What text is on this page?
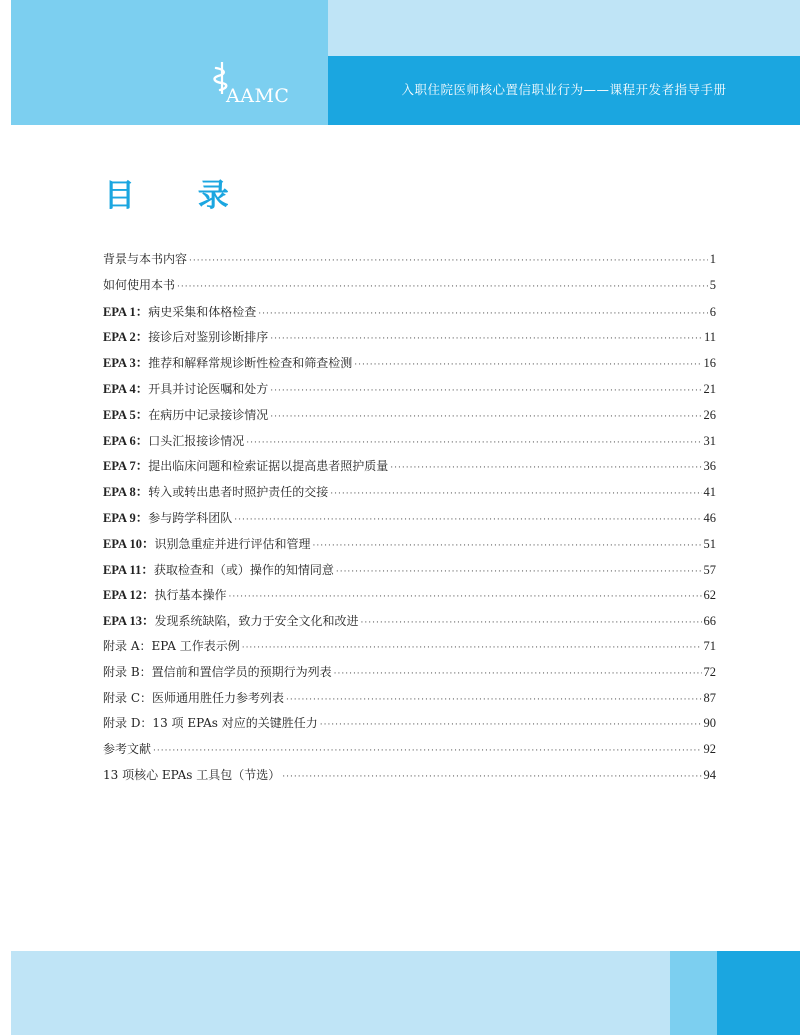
AAMC	入职住院医师核心置信职业行为——课程开发者指导手册
目 录
背景与本书内容 ·····	1
如何使用本书 ·····	5
EPA 1： 病史采集和体格检查 ·····	6
EPA 2： 接诊后对鉴别诊断排序 ·····	11
EPA 3： 推荐和解释常规诊断性检查和筛查检测 ·····	16
EPA 4： 开具并讨论医嘱和处方 ·····	21
EPA 5： 在病历中记录接诊情况 ·····	26
EPA 6： 口头汇报接诊情况 ·····	31
EPA 7： 提出临床问题和检索证据以提高患者照护质量 ·····	36
EPA 8： 转入或转出患者时照护责任的交接 ·····	41
EPA 9： 参与跨学科团队 ·····	46
EPA 10： 识别急重症并进行评估和管理 ·····	51
EPA 11： 获取检查和（或）操作的知情同意 ·····	57
EPA 12： 执行基本操作 ·····	62
EPA 13： 发现系统缺陷，致力于安全文化和改进 ·····	66
附录 A：EPA 工作表示例 ·····	71
附录 B：置信前和置信学员的预期行为列表 ·····	72
附录 C：医师通用胜任力参考列表 ·····	87
附录 D：13 项 EPAs 对应的关键胜任力 ·····	90
参考文献 ·····	92
13 项核心 EPAs 工具包（节选） ·····	94
